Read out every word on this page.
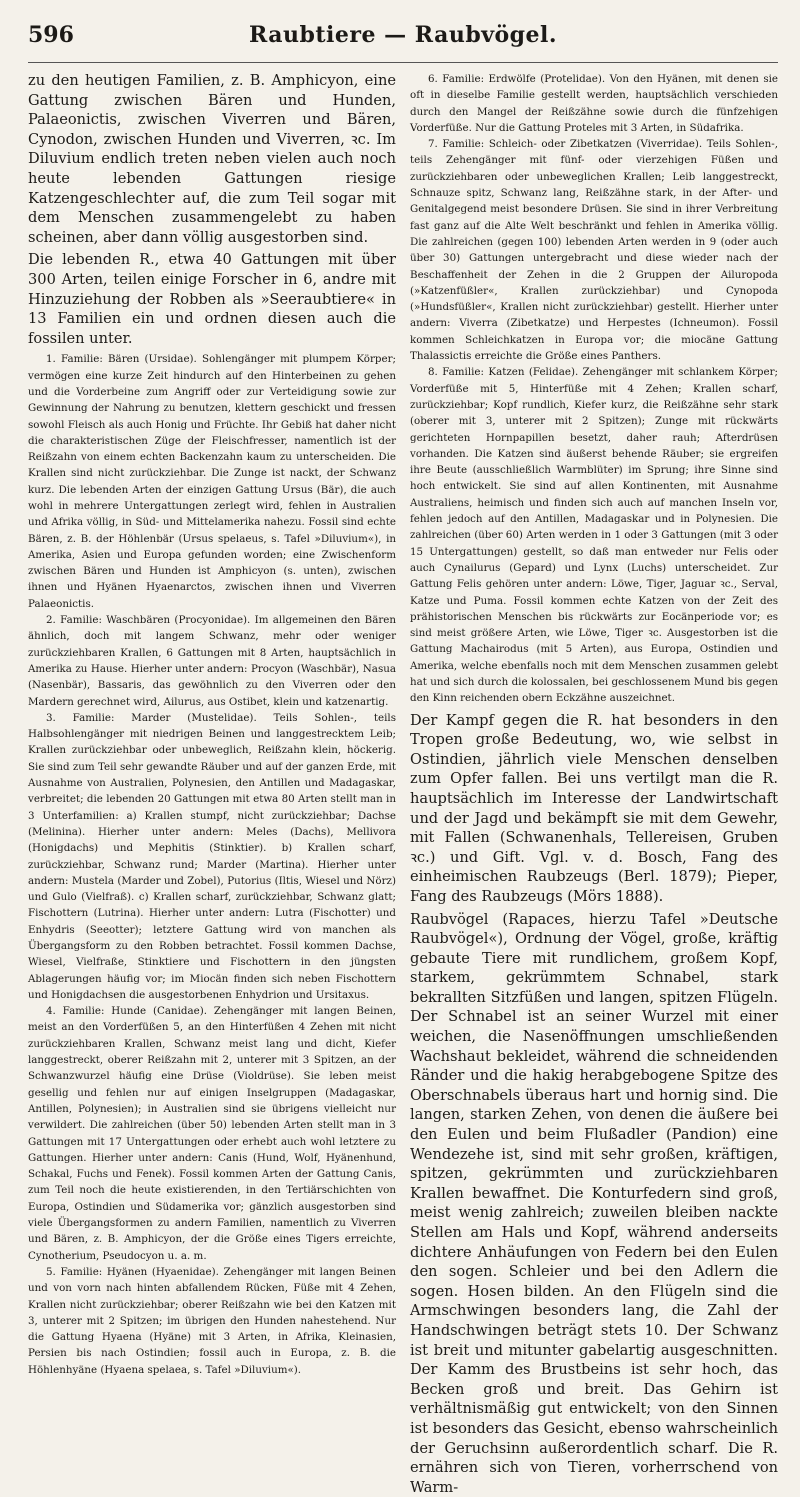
596	Raubtiere — Raubvögel.

zu den heutigen Familien, z. B. Amphicyon, eine Gattung zwischen Bären und Hunden, Palaeonictis, zwischen Viverren und Bären, Cynodon, zwischen Hunden und Viverren, ꝛc. Im Diluvium endlich treten neben vielen auch noch heute lebenden Gattungen riesige Katzengeschlechter auf, die zum Teil sogar mit dem Menschen zusammengelebt zu haben scheinen, aber dann völlig ausgestorben sind.

Die lebenden R., etwa 40 Gattungen mit über 300 Arten, teilen einige Forscher in 6, andre mit Hinzuziehung der Robben als »Seeraubtiere« in 13 Familien ein und ordnen diesen auch die fossilen unter.

1. Familie: Bären (Ursidae). Sohlengänger mit plumpem Körper; vermögen eine kurze Zeit hindurch auf den Hinterbeinen zu gehen und die Vorderbeine zum Angriff oder zur Verteidigung sowie zur Gewinnung der Nahrung zu benutzen, klettern geschickt und fressen sowohl Fleisch als auch Honig und Früchte. Ihr Gebiß hat daher nicht die charakteristischen Züge der Fleischfresser, namentlich ist der Reißzahn von einem echten Backenzahn kaum zu unterscheiden. Die Krallen sind nicht zurückziehbar. Die Zunge ist nackt, der Schwanz kurz. Die lebenden Arten der einzigen Gattung Ursus (Bär), die auch wohl in mehrere Untergattungen zerlegt wird, fehlen in Australien und Afrika völlig, in Süd- und Mittelamerika nahezu. Fossil sind echte Bären, z. B. der Höhlenbär (Ursus spelaeus, s. Tafel »Diluvium«), in Amerika, Asien und Europa gefunden worden; eine Zwischenform zwischen Bären und Hunden ist Amphicyon (s. unten), zwischen ihnen und Hyänen Hyaenarctos, zwischen ihnen und Viverren Palaeonictis.

2. Familie: Waschbären (Procyonidae). Im allgemeinen den Bären ähnlich, doch mit langem Schwanz, mehr oder weniger zurückziehbaren Krallen, 6 Gattungen mit 8 Arten, hauptsächlich in Amerika zu Hause. Hierher unter andern: Procyon (Waschbär), Nasua (Nasenbär), Bassaris, das gewöhnlich zu den Viverren oder den Mardern gerechnet wird, Ailurus, aus Ostibet, klein und katzenartig.

3. Familie: Marder (Mustelidae). Teils Sohlen-, teils Halbsohlengänger mit niedrigen Beinen und langgestrecktem Leib; Krallen zurückziehbar oder unbeweglich, Reißzahn klein, höckerig. Sie sind zum Teil sehr gewandte Räuber und auf der ganzen Erde, mit Ausnahme von Australien, Polynesien, den Antillen und Madagaskar, verbreitet; die lebenden 20 Gattungen mit etwa 80 Arten stellt man in 3 Unterfamilien: a) Krallen stumpf, nicht zurückziehbar; Dachse (Melinina). Hierher unter andern: Meles (Dachs), Mellivora (Honigdachs) und Mephitis (Stinktier). b) Krallen scharf, zurückziehbar, Schwanz rund; Marder (Martina). Hierher unter andern: Mustela (Marder und Zobel), Putorius (Iltis, Wiesel und Nörz) und Gulo (Vielfraß). c) Krallen scharf, zurückziehbar, Schwanz glatt; Fischottern (Lutrina). Hierher unter andern: Lutra (Fischotter) und Enhydris (Seeotter); letztere Gattung wird von manchen als Übergangsform zu den Robben betrachtet. Fossil kommen Dachse, Wiesel, Vielfraße, Stinktiere und Fischottern in den jüngsten Ablagerungen häufig vor; im Miocän finden sich neben Fischottern und Honigdachsen die ausgestorbenen Enhydrion und Ursitaxus.

4. Familie: Hunde (Canidae). Zehengänger mit langen Beinen, meist an den Vorderfüßen 5, an den Hinterfüßen 4 Zehen mit nicht zurückziehbaren Krallen, Schwanz meist lang und dicht, Kiefer langgestreckt, oberer Reißzahn mit 2, unterer mit 3 Spitzen, an der Schwanzwurzel häufig eine Drüse (Violdrüse). Sie leben meist gesellig und fehlen nur auf einigen Inselgruppen (Madagaskar, Antillen, Polynesien); in Australien sind sie übrigens vielleicht nur verwildert. Die zahlreichen (über 50) lebenden Arten stellt man in 3 Gattungen mit 17 Untergattungen oder erhebt auch wohl letztere zu Gattungen. Hierher unter andern: Canis (Hund, Wolf, Hyänenhund, Schakal, Fuchs und Fenek). Fossil kommen Arten der Gattung Canis, zum Teil noch die heute existierenden, in den Tertiärschichten von Europa, Ostindien und Südamerika vor; gänzlich ausgestorben sind viele Übergangsformen zu andern Familien, namentlich zu Viverren und Bären, z. B. Amphicyon, der die Größe eines Tigers erreichte, Cynotherium, Pseudocyon u. a. m.

5. Familie: Hyänen (Hyaenidae). Zehengänger mit langen Beinen und von vorn nach hinten abfallendem Rücken, Füße mit 4 Zehen, Krallen nicht zurückziehbar; oberer Reißzahn wie bei den Katzen mit 3, unterer mit 2 Spitzen; im übrigen den Hunden nahestehend. Nur die Gattung Hyaena (Hyäne) mit 3 Arten, in Afrika, Kleinasien, Persien bis nach Ostindien; fossil auch in Europa, z. B. die Höhlenhyäne (Hyaena spelaea, s. Tafel »Diluvium«).

6. Familie: Erdwölfe (Protelidae). Von den Hyänen, mit denen sie oft in dieselbe Familie gestellt werden, hauptsächlich verschieden durch den Mangel der Reißzähne sowie durch die fünfzehigen Vorderfüße. Nur die Gattung Proteles mit 3 Arten, in Südafrika.

7. Familie: Schleich- oder Zibetkatzen (Viverridae). Teils Sohlen-, teils Zehengänger mit fünf- oder vierzehigen Füßen und zurückziehbaren oder unbeweglichen Krallen; Leib langgestreckt, Schnauze spitz, Schwanz lang, Reißzähne stark, in der After- und Genitalgegend meist besondere Drüsen. Sie sind in ihrer Verbreitung fast ganz auf die Alte Welt beschränkt und fehlen in Amerika völlig. Die zahlreichen (gegen 100) lebenden Arten werden in 9 (oder auch über 30) Gattungen untergebracht und diese wieder nach der Beschaffenheit der Zehen in die 2 Gruppen der Ailuropoda (»Katzenfüßler«, Krallen zurückziehbar) und Cynopoda (»Hundsfüßler«, Krallen nicht zurückziehbar) gestellt. Hierher unter andern: Viverra (Zibetkatze) und Herpestes (Ichneumon). Fossil kommen Schleichkatzen in Europa vor; die miocäne Gattung Thalassictis erreichte die Größe eines Panthers.

8. Familie: Katzen (Felidae). Zehengänger mit schlankem Körper; Vorderfüße mit 5, Hinterfüße mit 4 Zehen; Krallen scharf, zurückziehbar; Kopf rundlich, Kiefer kurz, die Reißzähne sehr stark (oberer mit 3, unterer mit 2 Spitzen); Zunge mit rückwärts gerichteten Hornpapillen besetzt, daher rauh; Afterdrüsen vorhanden. Die Katzen sind äußerst behende Räuber; sie ergreifen ihre Beute (ausschließlich Warmblüter) im Sprung; ihre Sinne sind hoch entwickelt. Sie sind auf allen Kontinenten, mit Ausnahme Australiens, heimisch und finden sich auch auf manchen Inseln vor, fehlen jedoch auf den Antillen, Madagaskar und in Polynesien. Die zahlreichen (über 60) Arten werden in 1 oder 3 Gattungen (mit 3 oder 15 Untergattungen) gestellt, so daß man entweder nur Felis oder auch Cynailurus (Gepard) und Lynx (Luchs) unterscheidet. Zur Gattung Felis gehören unter andern: Löwe, Tiger, Jaguar ꝛc., Serval, Katze und Puma. Fossil kommen echte Katzen von der Zeit des prähistorischen Menschen bis rückwärts zur Eocänperiode vor; es sind meist größere Arten, wie Löwe, Tiger ꝛc. Ausgestorben ist die Gattung Machairodus (mit 5 Arten), aus Europa, Ostindien und Amerika, welche ebenfalls noch mit dem Menschen zusammen gelebt hat und sich durch die kolossalen, bei geschlossenem Mund bis gegen den Kinn reichenden obern Eckzähne auszeichnet.

Der Kampf gegen die R. hat besonders in den Tropen große Bedeutung, wo, wie selbst in Ostindien, jährlich viele Menschen denselben zum Opfer fallen. Bei uns vertilgt man die R. hauptsächlich im Interesse der Landwirtschaft und der Jagd und bekämpft sie mit dem Gewehr, mit Fallen (Schwanenhals, Tellereisen, Gruben ꝛc.) und Gift. Vgl. v. d. Bosch, Fang des einheimischen Raubzeugs (Berl. 1879); Pieper, Fang des Raubzeugs (Mörs 1888).

Raubvögel (Rapaces, hierzu Tafel »Deutsche Raubvögel«), Ordnung der Vögel, große, kräftig gebaute Tiere mit rundlichem, großem Kopf, starkem, gekrümmtem Schnabel, stark bekrallten Sitzfüßen und langen, spitzen Flügeln. Der Schnabel ist an seiner Wurzel mit einer weichen, die Nasenöffnungen umschließenden Wachshaut bekleidet, während die schneidenden Ränder und die hakig herabgebogene Spitze des Oberschnabels überaus hart und hornig sind. Die langen, starken Zehen, von denen die äußere bei den Eulen und beim Flußadler (Pandion) eine Wendezehe ist, sind mit sehr großen, kräftigen, spitzen, gekrümmten und zurückziehbaren Krallen bewaffnet. Die Konturfedern sind groß, meist wenig zahlreich; zuweilen bleiben nackte Stellen am Hals und Kopf, während anderseits dichtere Anhäufungen von Federn bei den Eulen den sogen. Schleier und bei den Adlern die sogen. Hosen bilden. An den Flügeln sind die Armschwingen besonders lang, die Zahl der Handschwingen beträgt stets 10. Der Schwanz ist breit und mitunter gabelartig ausgeschnitten. Der Kamm des Brustbeins ist sehr hoch, das Becken groß und breit. Das Gehirn ist verhältnismäßig gut entwickelt; von den Sinnen ist besonders das Gesicht, ebenso wahrscheinlich der Geruchsinn außerordentlich scharf. Die R. ernähren sich von Tieren, vorherrschend von Warm-
